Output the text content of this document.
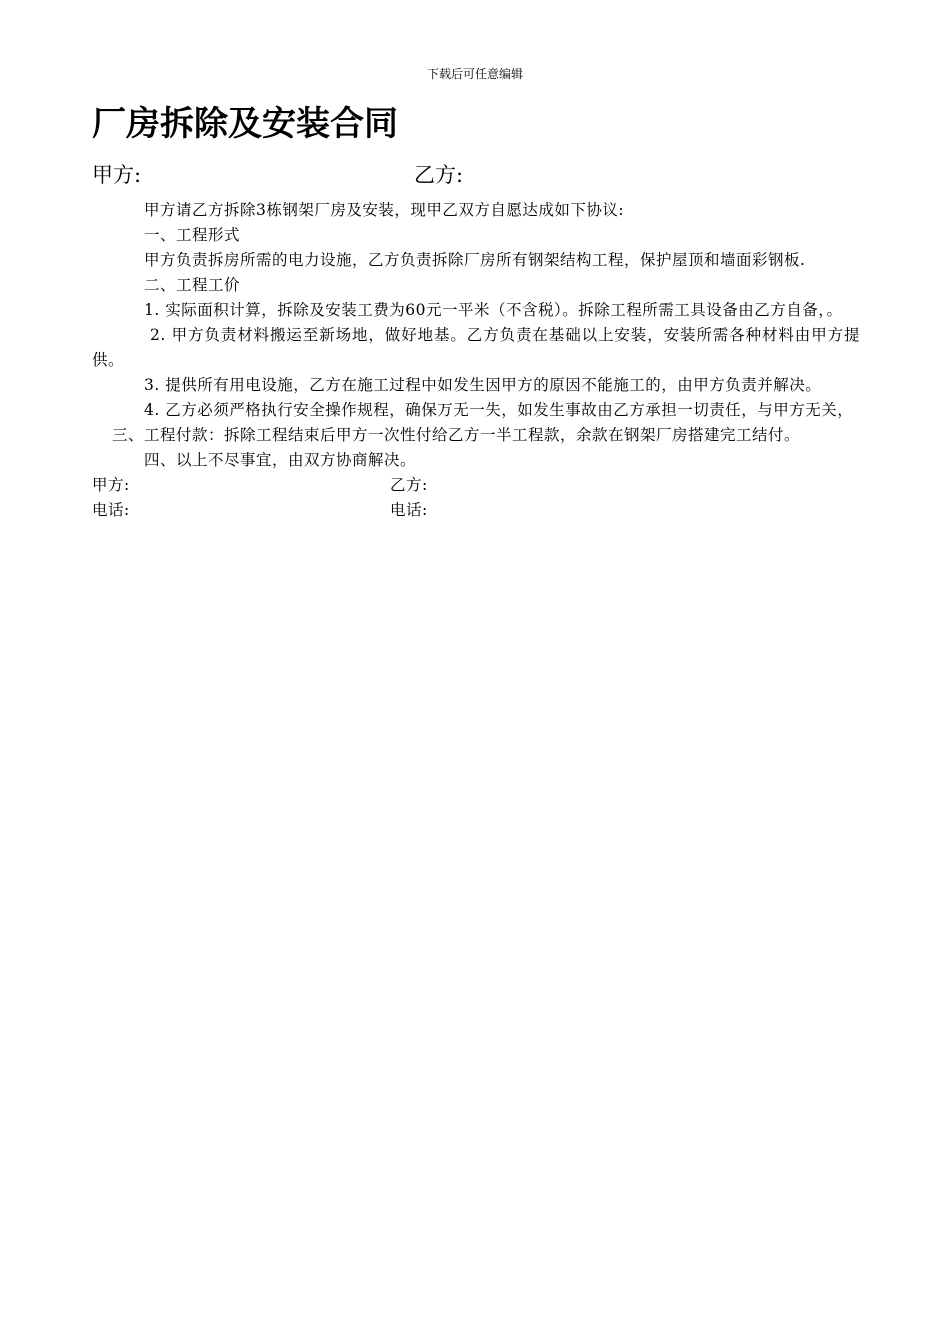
下载后可任意编辑
厂房拆除及安装合同
甲方:	乙方:

甲方请乙方拆除3栋钢架厂房及安装，现甲乙双方自愿达成如下协议:

一、工程形式

甲方负责拆房所需的电力设施，乙方负责拆除厂房所有钢架结构工程，保护屋顶和墙面彩钢板.

二、工程工价

1. 实际面积计算，拆除及安装工费为60元一平米（不含税）。拆除工程所需工具设备由乙方自备，。

2. 甲方负责材料搬运至新场地，做好地基。乙方负责在基础以上安装，安装所需各种材料由甲方提供。

3. 提供所有用电设施，乙方在施工过程中如发生因甲方的原因不能施工的，由甲方负责并解决。

4. 乙方必须严格执行安全操作规程，确保万无一失，如发生事故由乙方承担一切责任，与甲方无关，

三、工程付款：拆除工程结束后甲方一次性付给乙方一半工程款，余款在钢架厂房搭建完工结付。

四、以上不尽事宜，由双方协商解决。

甲方:	乙方:
电话:	电话:
